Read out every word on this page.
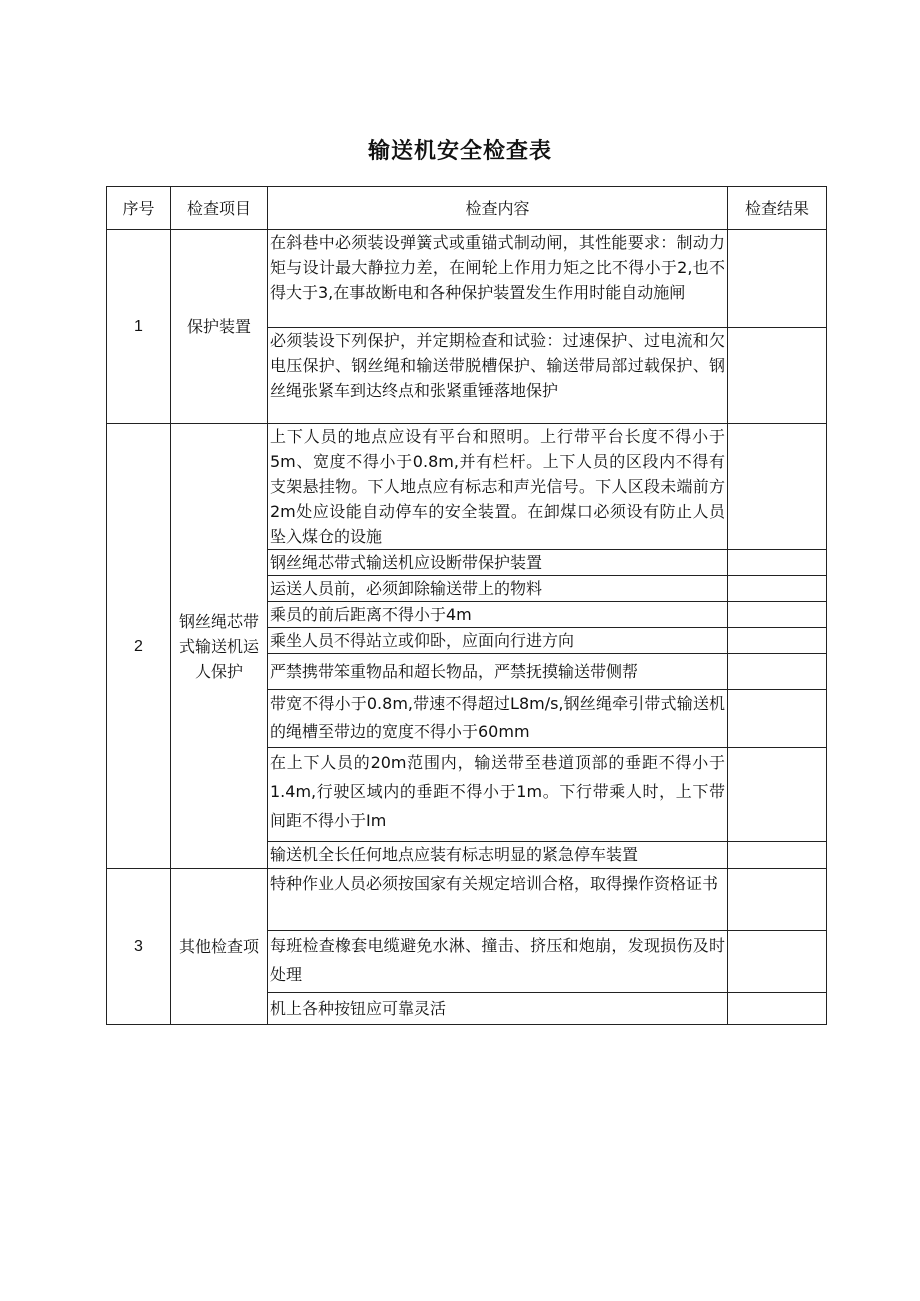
输送机安全检查表
序号	检查项目	检查内容	检查结果
1	保护装置	在斜巷中必须装设弹簧式或重锚式制动闸，其性能要求：制动力矩与设计最大静拉力差，在闸轮上作用力矩之比不得小于2,也不得大于3,在事故断电和各种保护装置发生作用时能自动施闸	
		必须装设下列保护，并定期检查和试验：过速保护、过电流和欠电压保护、钢丝绳和输送带脱槽保护、输送带局部过载保护、钢丝绳张紧车到达终点和张紧重锤落地保护	
2	钢丝绳芯带式输送机运人保护	上下人员的地点应设有平台和照明。上行带平台长度不得小于5m、宽度不得小于0.8m,并有栏杆。上下人员的区段内不得有支架悬挂物。下人地点应有标志和声光信号。下人区段未端前方2m处应设能自动停车的安全装置。在卸煤口必须设有防止人员坠入煤仓的设施	
		钢丝绳芯带式输送机应设断带保护装置	
		运送人员前，必须卸除输送带上的物料	
		乘员的前后距离不得小于4m	
		乘坐人员不得站立或仰卧，应面向行进方向	
		严禁携带笨重物品和超长物品，严禁抚摸输送带侧帮	
		带宽不得小于0.8m,带速不得超过L8m∕s,钢丝绳牵引带式输送机的绳槽至带边的宽度不得小于60mm	
		在上下人员的20m范围内，输送带至巷道顶部的垂距不得小于1.4m,行驶区域内的垂距不得小于1m。下行带乘人时，上下带间距不得小于Im	
		输送机全长任何地点应装有标志明显的紧急停车装置	
3	其他检查项	特种作业人员必须按国家有关规定培训合格，取得操作资格证书	
		每班检查橡套电缆避免水淋、撞击、挤压和炮崩，发现损伤及时处理	
		机上各种按钮应可靠灵活	
